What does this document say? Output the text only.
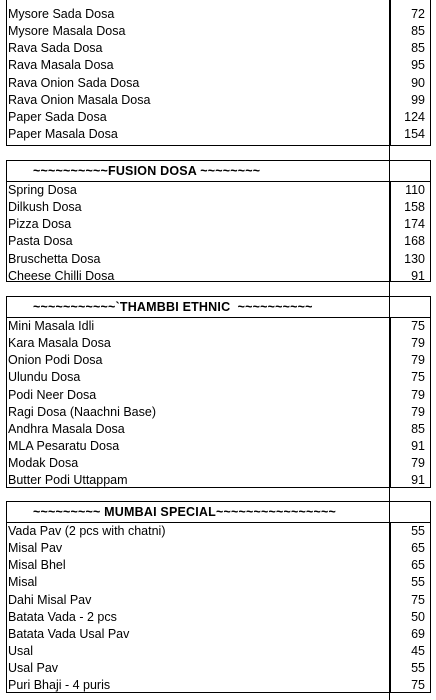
Mysore Sada Dosa	72
Mysore Masala Dosa	85
Rava Sada Dosa	85
Rava Masala Dosa	95
Rava Onion Sada Dosa	90
Rava Onion Masala Dosa	99
Paper Sada Dosa	124
Paper Masala Dosa	154
~~~~~~~~~~FUSION DOSA ~~~~~~~~
Spring Dosa	110
Dilkush Dosa	158
Pizza Dosa	174
Pasta Dosa	168
Bruschetta Dosa	130
Cheese Chilli Dosa	91
~~~~~~~~~~~`THAMBBI ETHNIC  ~~~~~~~~~~
Mini Masala Idli	75
Kara Masala Dosa	79
Onion Podi Dosa	79
Ulundu Dosa	75
Podi Neer Dosa	79
Ragi Dosa (Naachni Base)	79
Andhra Masala Dosa	85
MLA Pesaratu Dosa	91
Modak Dosa	79
Butter Podi Uttappam	91
~~~~~~~~~ MUMBAI SPECIAL~~~~~~~~~~~~~~~~
Vada Pav (2 pcs with chatni)	55
Misal Pav	65
Misal Bhel	65
Misal	55
Dahi Misal Pav	75
Batata Vada - 2 pcs	50
Batata Vada Usal Pav	69
Usal	45
Usal Pav	55
Puri Bhaji - 4 puris	75
